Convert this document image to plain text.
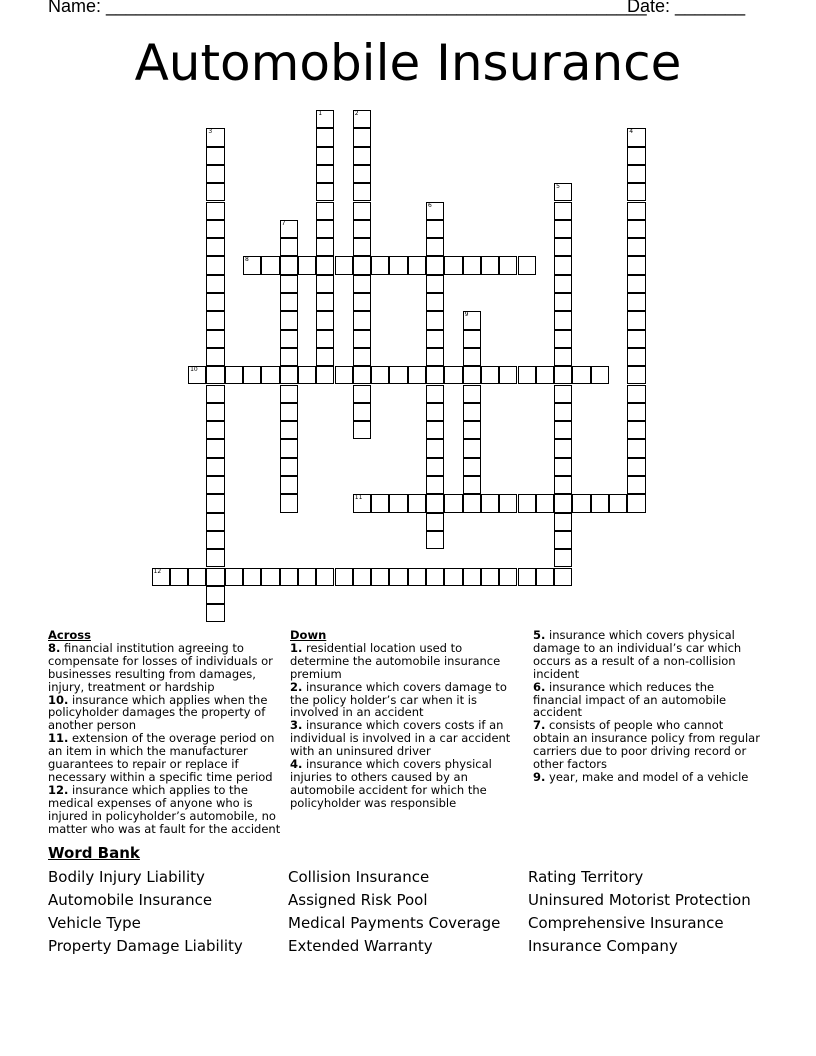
Name: ______________________________________________________
Date: _______
Automobile Insurance
1	2
3	4
5
6
7
8
9
10
11
12
Across
8. financial institution agreeing to compensate for losses of individuals or businesses resulting from damages, injury, treatment or hardship
10. insurance which applies when the policyholder damages the property of another person
11. extension of the overage period on an item in which the manufacturer guarantees to repair or replace if necessary within a specific time period
12. insurance which applies to the medical expenses of anyone who is injured in policyholder’s automobile, no matter who was at fault for the accident
Down
1. residential location used to determine the automobile insurance premium
2. insurance which covers damage to the policy holder’s car when it is involved in an accident
3. insurance which covers costs if an individual is involved in a car accident with an uninsured driver
4. insurance which covers physical injuries to others caused by an automobile accident for which the policyholder was responsible
5. insurance which covers physical damage to an individual’s car which occurs as a result of a non-collision incident
6. insurance which reduces the financial impact of an automobile accident
7. consists of people who cannot obtain an insurance policy from regular carriers due to poor driving record or other factors
9. year, make and model of a vehicle
Word Bank
Bodily Injury Liability
Automobile Insurance
Vehicle Type
Property Damage Liability
Collision Insurance
Assigned Risk Pool
Medical Payments Coverage
Extended Warranty
Rating Territory
Uninsured Motorist Protection
Comprehensive Insurance
Insurance Company
